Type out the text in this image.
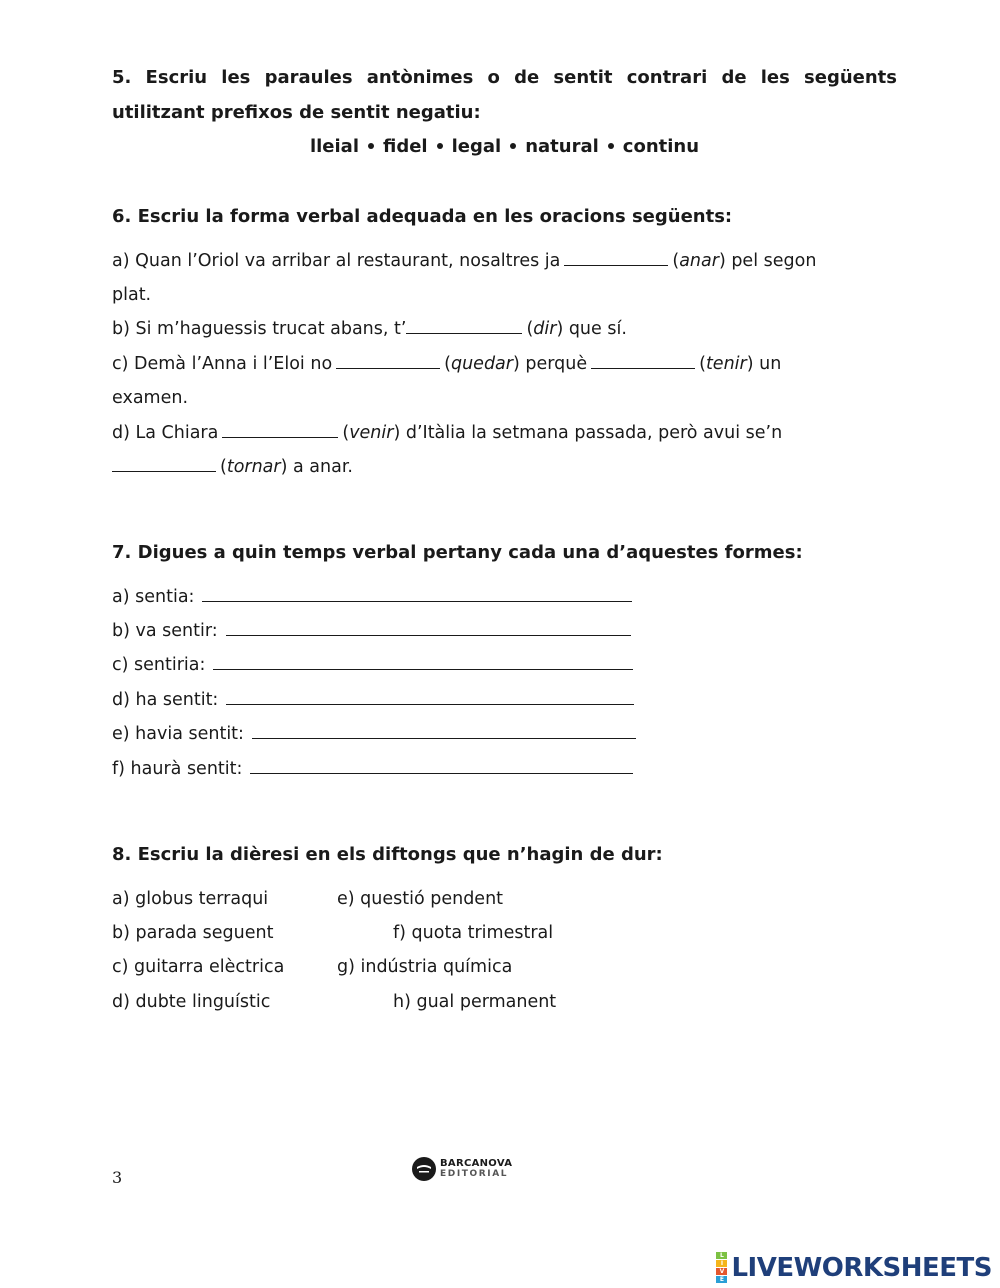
5. Escriu les paraules antònimes o de sentit contrari de les següents
utilitzant prefixos de sentit negatiu:
lleial fidel legal natural continu
6. Escriu la forma verbal adequada en les oracions següents:
a) Quan l’Oriol va arribar al restaurant, nosaltres ja	(anar) pel segon
plat.
b) Si m’haguessis trucat abans, t’	(dir) que sí.
c) Demà l’Anna i l’Eloi no	(quedar) perquè	(tenir) un
examen.
d) La Chiara	(venir) d’Itàlia la setmana passada, però avui se’n
(tornar) a anar.
7. Digues a quin temps verbal pertany cada una d’aquestes formes:
a) sentia:
b) va sentir:
c) sentiria:
d) ha sentit:
e) havia sentit:
f) haurà sentit:
8. Escriu la dièresi en els diftongs que n’hagin de dur:
a) globus terraqui	e) questió pendent
b) parada seguent	f) quota trimestral
c) guitarra elèctrica	g) indústria química
d) dubte linguístic	h) gual permanent
3
BARCANOVA
EDITORIAL
L
I
V
E LIVEWORKSHEETS
